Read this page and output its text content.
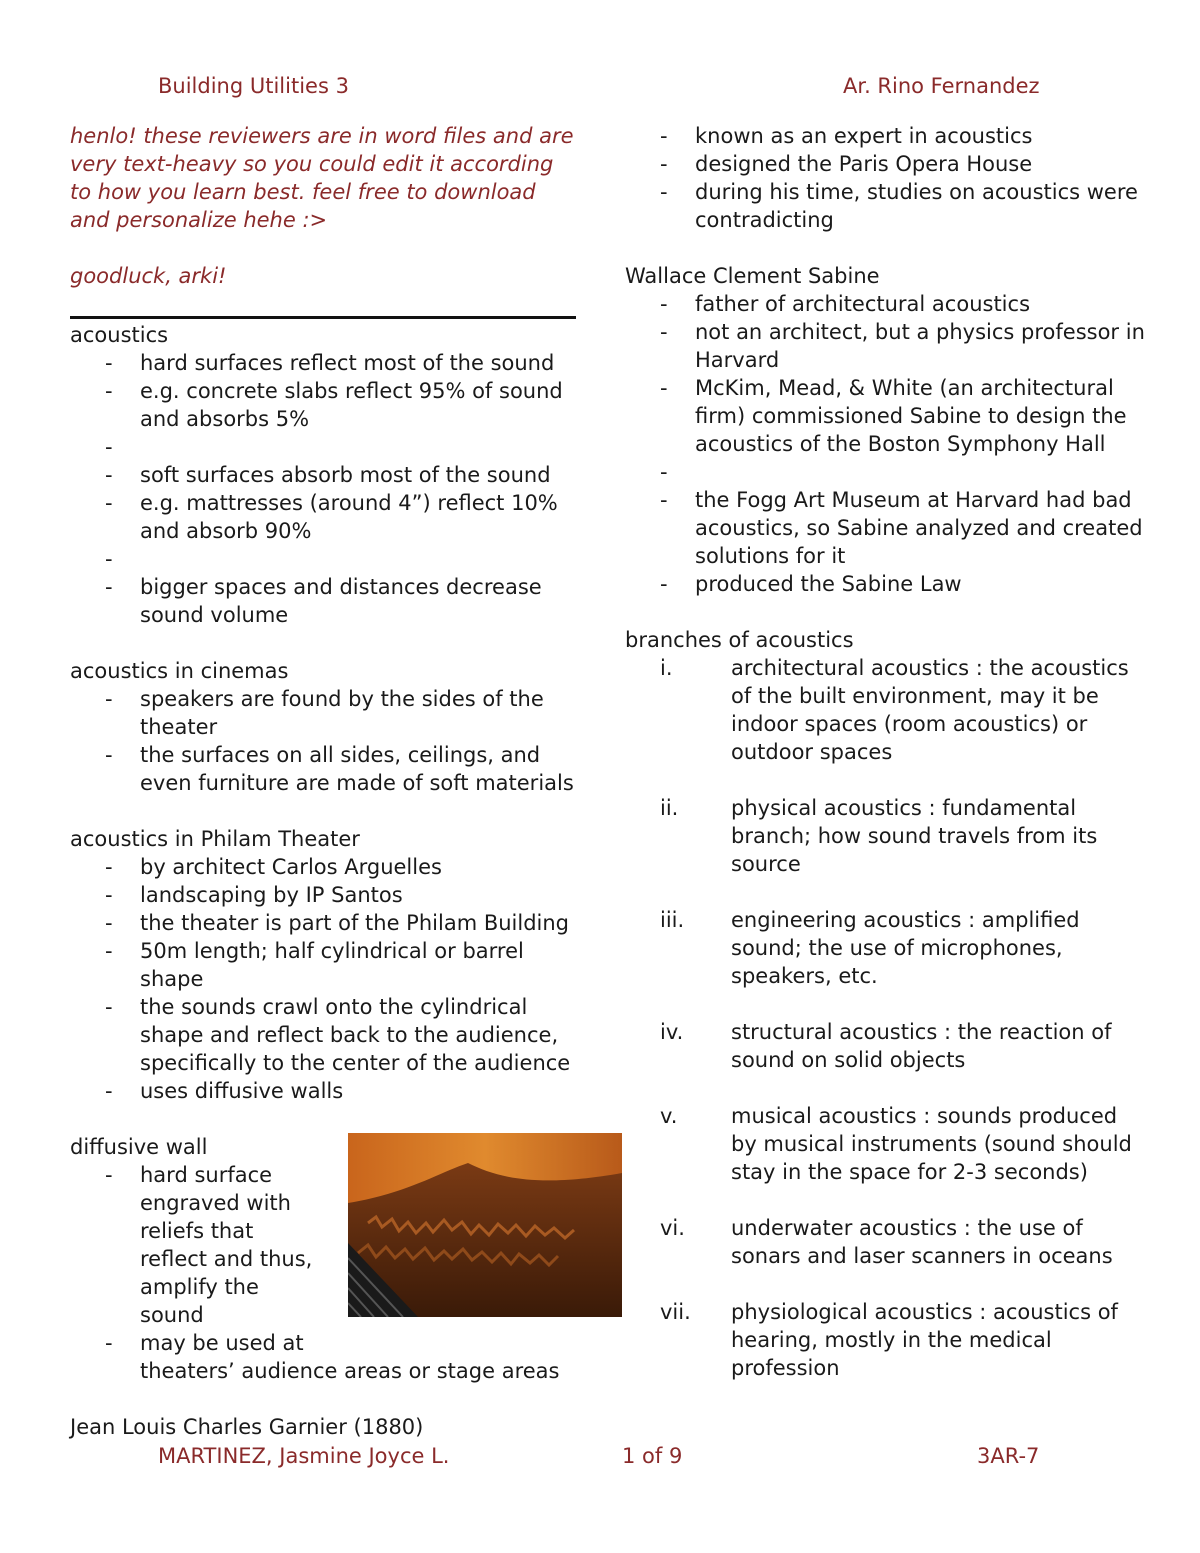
Building Utilities 3	Ar. Rino Fernandez
henlo! these reviewers are in word files and are
very text-heavy so you could edit it according
to how you learn best. feel free to download
and personalize hehe :>
goodluck, arki!
acoustics
- hard surfaces reflect most of the sound
- e.g. concrete slabs reflect 95% of sound and absorbs 5%
-
- soft surfaces absorb most of the sound
- e.g. mattresses (around 4”) reflect 10% and absorb 90%
-
- bigger spaces and distances decrease sound volume
acoustics in cinemas
- speakers are found by the sides of the theater
- the surfaces on all sides, ceilings, and even furniture are made of soft materials
acoustics in Philam Theater
- by architect Carlos Arguelles
- landscaping by IP Santos
- the theater is part of the Philam Building
- 50m length; half cylindrical or barrel shape
- the sounds crawl onto the cylindrical shape and reflect back to the audience, specifically to the center of the audience
- uses diffusive walls
diffusive wall
- hard surface engraved with reliefs that reflect and thus, amplify the sound
- may be used at
theaters’ audience areas or stage areas
Jean Louis Charles Garnier (1880)
- known as an expert in acoustics
- designed the Paris Opera House
- during his time, studies on acoustics were contradicting
Wallace Clement Sabine
- father of architectural acoustics
- not an architect, but a physics professor in Harvard
- McKim, Mead, & White (an architectural firm) commissioned Sabine to design the acoustics of the Boston Symphony Hall
-
- the Fogg Art Museum at Harvard had bad acoustics, so Sabine analyzed and created solutions for it
- produced the Sabine Law
branches of acoustics
i.	architectural acoustics : the acoustics of the built environment, may it be indoor spaces (room acoustics) or outdoor spaces
ii.	physical acoustics : fundamental branch; how sound travels from its source
iii. engineering acoustics : amplified sound; the use of microphones, speakers, etc.
iv. structural acoustics : the reaction of sound on solid objects
v.	musical acoustics : sounds produced by musical instruments (sound should stay in the space for 2-3 seconds)
vi. underwater acoustics : the use of sonars and laser scanners in oceans
vii. physiological acoustics : acoustics of hearing, mostly in the medical profession
MARTINEZ, Jasmine Joyce L.	1 of 9	3AR-7
